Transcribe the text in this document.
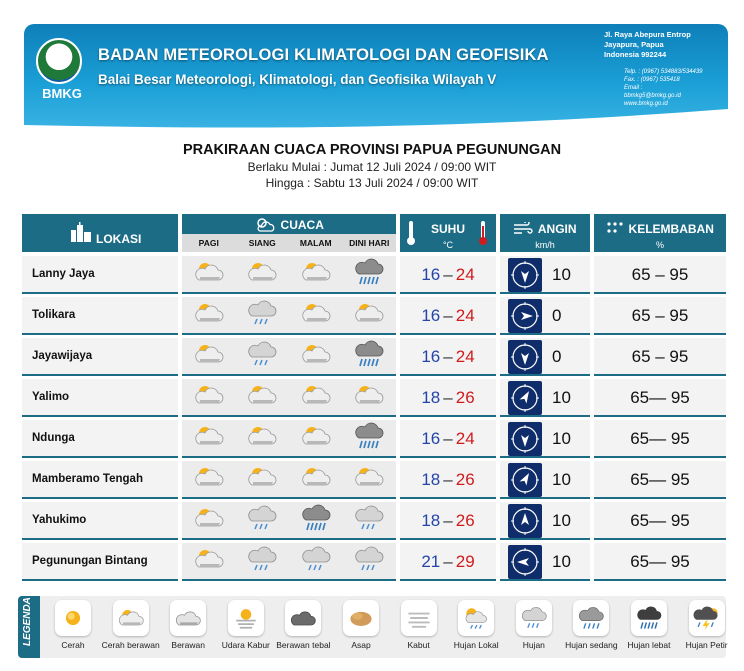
BMKG
BADAN METEOROLOGI KLIMATOLOGI DAN GEOFISIKA
Balai Besar Meteorologi, Klimatologi, dan Geofisika Wilayah V
Jl. Raya Abepura Entrop
Jayapura, Papua
Indonesia 992244
Telp. : (0967) 534883/534439
Fax. : (0967) 535418
Email :
bbmkg5@bmkg.go.id
www.bmkg.go.id
PRAKIRAAN CUACA PROVINSI PAPUA PEGUNUNGAN
Berlaku Mulai : Jumat 12 Juli 2024 / 09:00 WIT
Hingga : Sabtu 13 Juli 2024 / 09:00 WIT
LOKASI
CUACA
PAGI	SIANG	MALAM	DINI HARI
SUHU
°C
ANGIN
km/h
KELEMBABAN
%
Lanny Jaya	16 – 24	10	65 – 95
Tolikara	16 – 24	0	65 – 95
Jayawijaya	16 – 24	0	65 – 95
Yalimo	18 – 26	10	65— 95
Ndunga	16 – 24	10	65— 95
Mamberamo Tengah	18 – 26	10	65— 95
Yahukimo	18 – 26	10	65— 95
Pegunungan Bintang	21 – 29	10	65— 95
LEGENDA	Cerah	Cerah berawan	Berawan	Udara Kabur Berawan tebal	Asap	Kabut	Hujan Lokal	Hujan	Hujan sedang	Hujan lebat	Hujan Petir
